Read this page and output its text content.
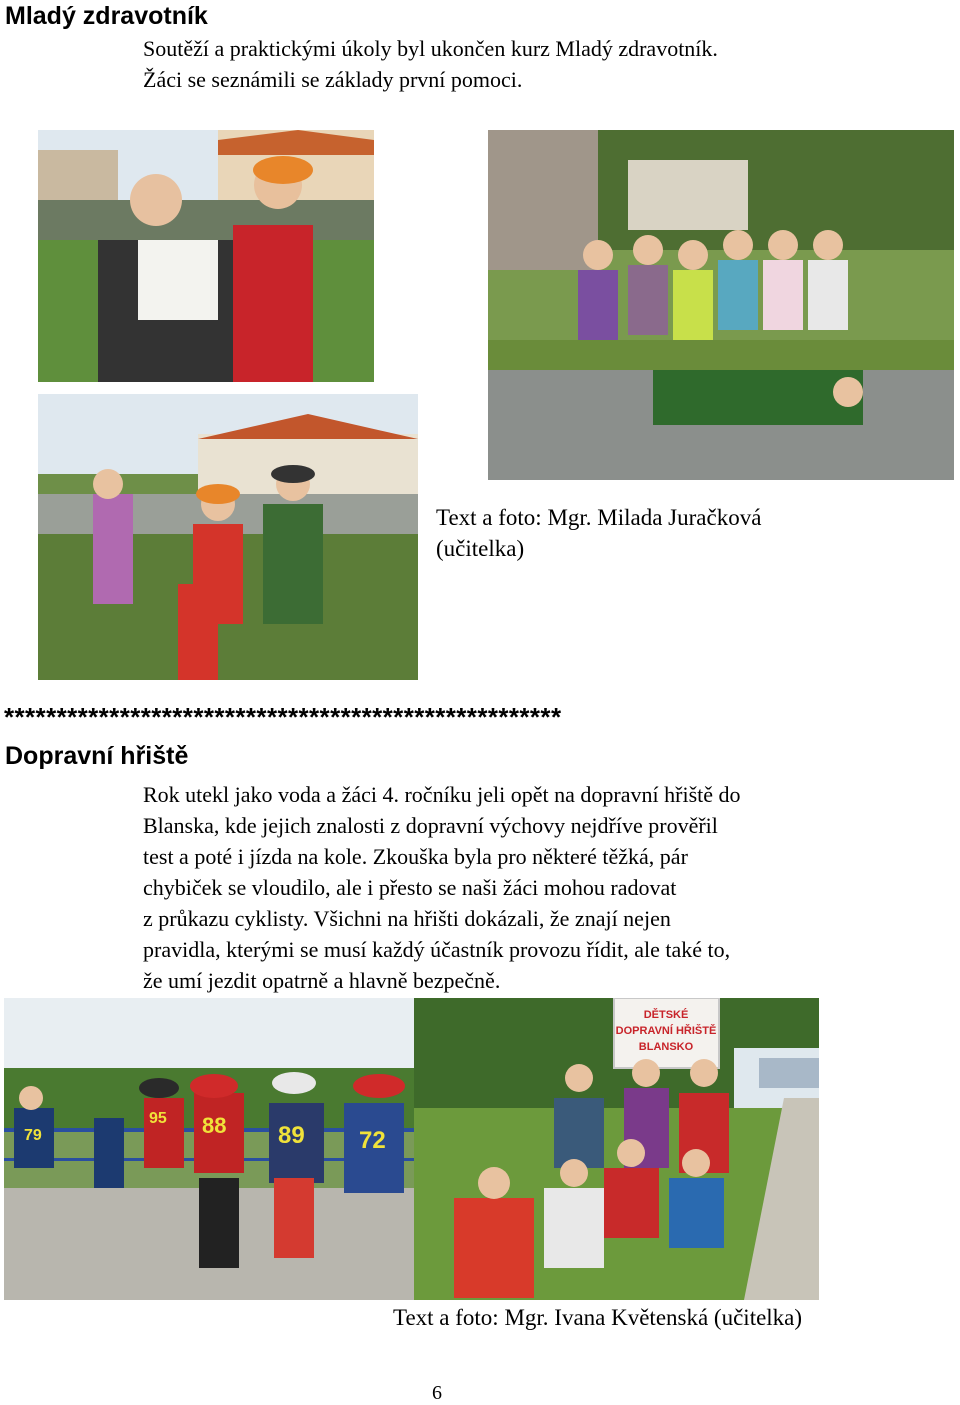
Mladý zdravotník
Soutěží a praktickými úkoly byl ukončen kurz Mladý zdravotník.
Žáci se seznámili se základy první pomoci.
Text a foto: Mgr. Milada Juračková
(učitelka)
*****************************************************
Dopravní hřiště
Rok utekl jako voda a žáci 4. ročníku jeli opět na dopravní hřiště do
Blanska, kde jejich znalosti z dopravní výchovy nejdříve prověřil
test a poté i jízda na kole. Zkouška byla pro některé těžká, pár
chybiček se vloudilo, ale i přesto se naši žáci mohou radovat
z průkazu cyklisty. Všichni na hřišti dokázali, že znají nejen
pravidla, kterými se musí každý účastník provozu řídit, ale také to,
že umí jezdit opatrně a hlavně bezpečně.
79
95 88 89 72
DĚTSKÉ
DOPRAVNÍ HŘIŠTĚ
BLANSKO
Text a foto: Mgr. Ivana Květenská (učitelka)
6
